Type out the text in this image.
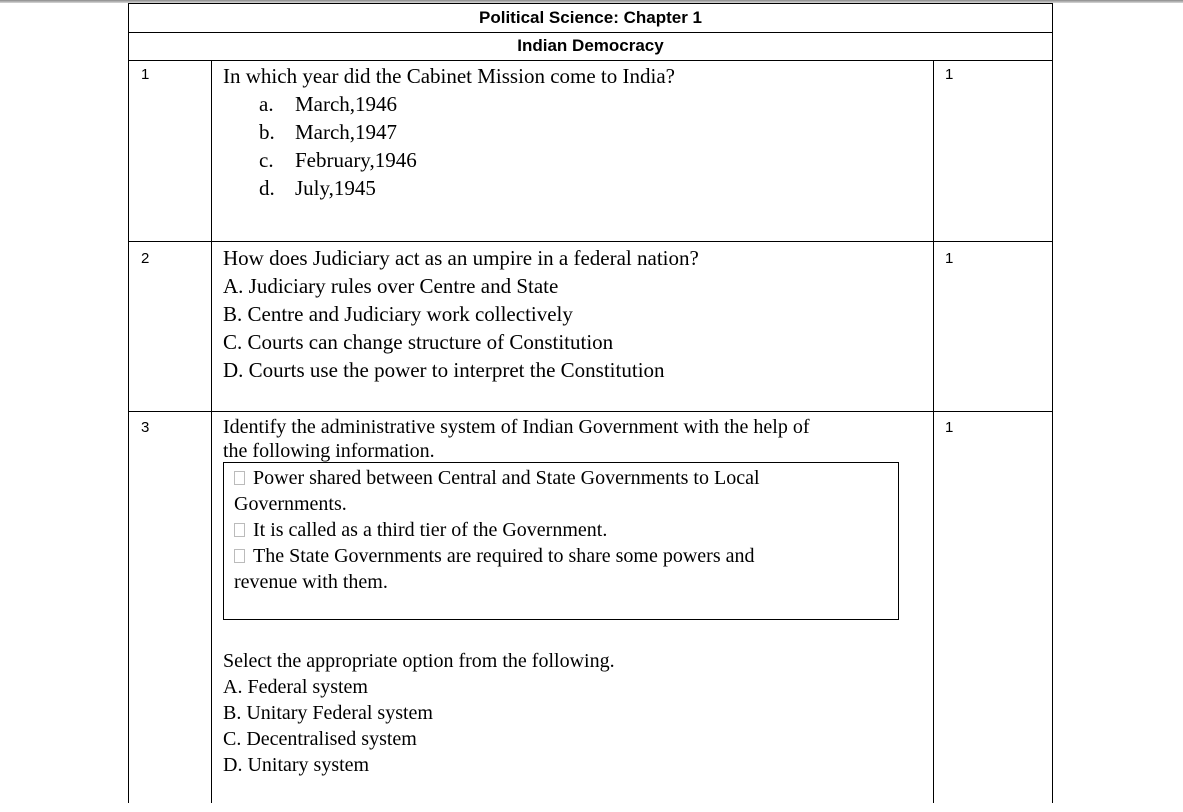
Political Science: Chapter 1
Indian Democracy
1	In which year did the Cabinet Mission come to India?
a. March,1946
b. March,1947
c. February,1946
d. July,1945
1
2	How does Judiciary act as an umpire in a federal nation?
A. Judiciary rules over Centre and State
B. Centre and Judiciary work collectively
C. Courts can change structure of Constitution
D. Courts use the power to interpret the Constitution
1
3	Identify the administrative system of Indian Government with the help of
the following information.
Power shared between Central and State Governments to Local
Governments.
It is called as a third tier of the Government.
The State Governments are required to share some powers and
revenue with them.
Select the appropriate option from the following.
A. Federal system
B. Unitary Federal system
C. Decentralised system
D. Unitary system
1
